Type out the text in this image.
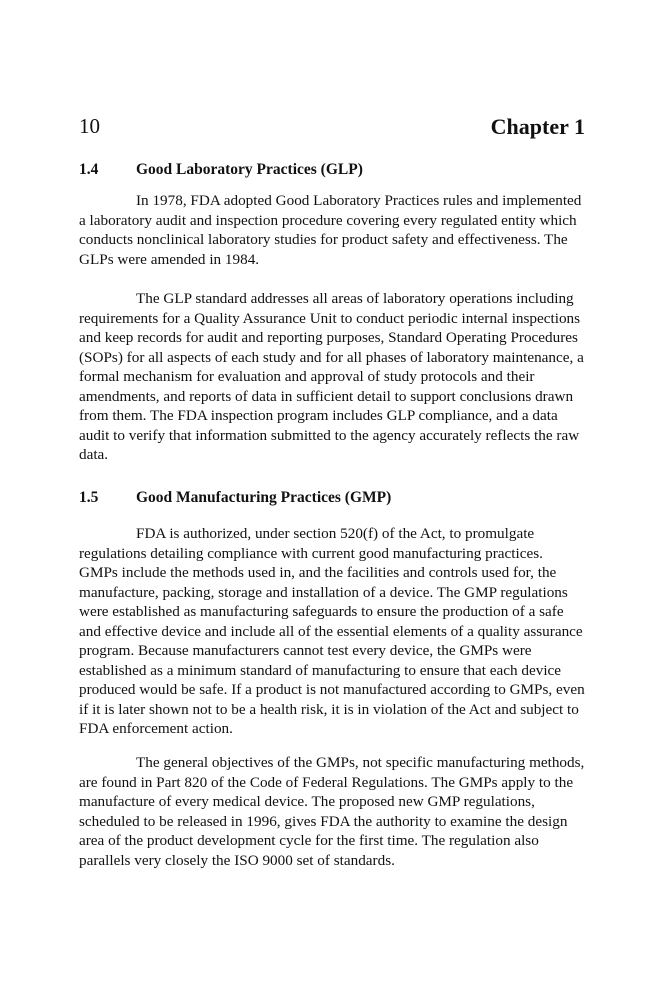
10	Chapter 1
1.4 Good Laboratory Practices (GLP)

In 1978, FDA adopted Good Laboratory Practices rules and implemented a laboratory audit and inspection procedure covering every regulated entity which conducts nonclinical laboratory studies for product safety and effectiveness. The GLPs were amended in 1984.

The GLP standard addresses all areas of laboratory operations including requirements for a Quality Assurance Unit to conduct periodic internal inspections and keep records for audit and reporting purposes, Standard Operating Procedures (SOPs) for all aspects of each study and for all phases of laboratory maintenance, a formal mechanism for evaluation and approval of study protocols and their amendments, and reports of data in sufficient detail to support conclusions drawn from them. The FDA inspection program includes GLP compliance, and a data audit to verify that information submitted to the agency accurately reflects the raw data.

1.5 Good Manufacturing Practices (GMP)

FDA is authorized, under section 520(f) of the Act, to promulgate regulations detailing compliance with current good manufacturing practices. GMPs include the methods used in, and the facilities and controls used for, the manufacture, packing, storage and installation of a device. The GMP regulations were established as manufacturing safeguards to ensure the production of a safe and effective device and include all of the essential elements of a quality assurance program. Because manufacturers cannot test every device, the GMPs were established as a minimum standard of manufacturing to ensure that each device produced would be safe. If a product is not manufactured according to GMPs, even if it is later shown not to be a health risk, it is in violation of the Act and subject to FDA enforcement action.

The general objectives of the GMPs, not specific manufacturing methods, are found in Part 820 of the Code of Federal Regulations. The GMPs apply to the manufacture of every medical device. The proposed new GMP regulations, scheduled to be released in 1996, gives FDA the authority to examine the design area of the product development cycle for the first time. The regulation also parallels very closely the ISO 9000 set of standards.
